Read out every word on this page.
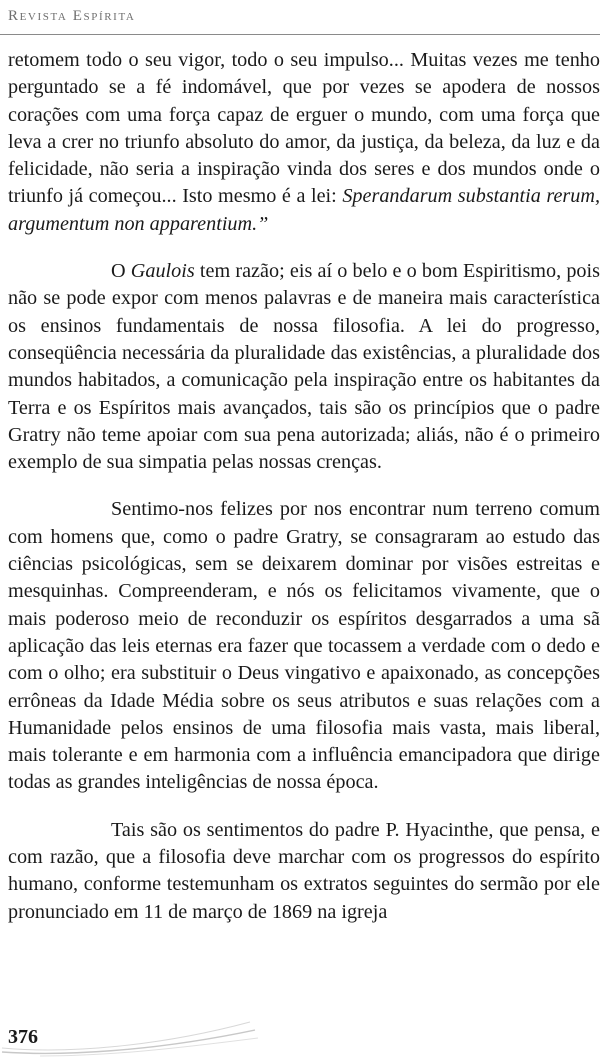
Revista Espírita

retomem todo o seu vigor, todo o seu impulso... Muitas vezes me tenho perguntado se a fé indomável, que por vezes se apodera de nossos corações com uma força capaz de erguer o mundo, com uma força que leva a crer no triunfo absoluto do amor, da justiça, da beleza, da luz e da felicidade, não seria a inspiração vinda dos seres e dos mundos onde o triunfo já começou... Isto mesmo é a lei: Sperandarum substantia rerum, argumentum non apparentium.”

O Gaulois tem razão; eis aí o belo e o bom Espiritismo, pois não se pode expor com menos palavras e de maneira mais característica os ensinos fundamentais de nossa filosofia. A lei do progresso, conseqüência necessária da pluralidade das existências, a pluralidade dos mundos habitados, a comunicação pela inspiração entre os habitantes da Terra e os Espíritos mais avançados, tais são os princípios que o padre Gratry não teme apoiar com sua pena autorizada; aliás, não é o primeiro exemplo de sua simpatia pelas nossas crenças.

Sentimo-nos felizes por nos encontrar num terreno comum com homens que, como o padre Gratry, se consagraram ao estudo das ciências psicológicas, sem se deixarem dominar por visões estreitas e mesquinhas. Compreenderam, e nós os felicitamos vivamente, que o mais poderoso meio de reconduzir os espíritos desgarrados a uma sã aplicação das leis eternas era fazer que tocassem a verdade com o dedo e com o olho; era substituir o Deus vingativo e apaixonado, as concepções errôneas da Idade Média sobre os seus atributos e suas relações com a Humanidade pelos ensinos de uma filosofia mais vasta, mais liberal, mais tolerante e em harmonia com a influência emancipadora que dirige todas as grandes inteligências de nossa época.

Tais são os sentimentos do padre P. Hyacinthe, que pensa, e com razão, que a filosofia deve marchar com os progressos do espírito humano, conforme testemunham os extratos seguintes do sermão por ele pronunciado em 11 de março de 1869 na igreja

376
